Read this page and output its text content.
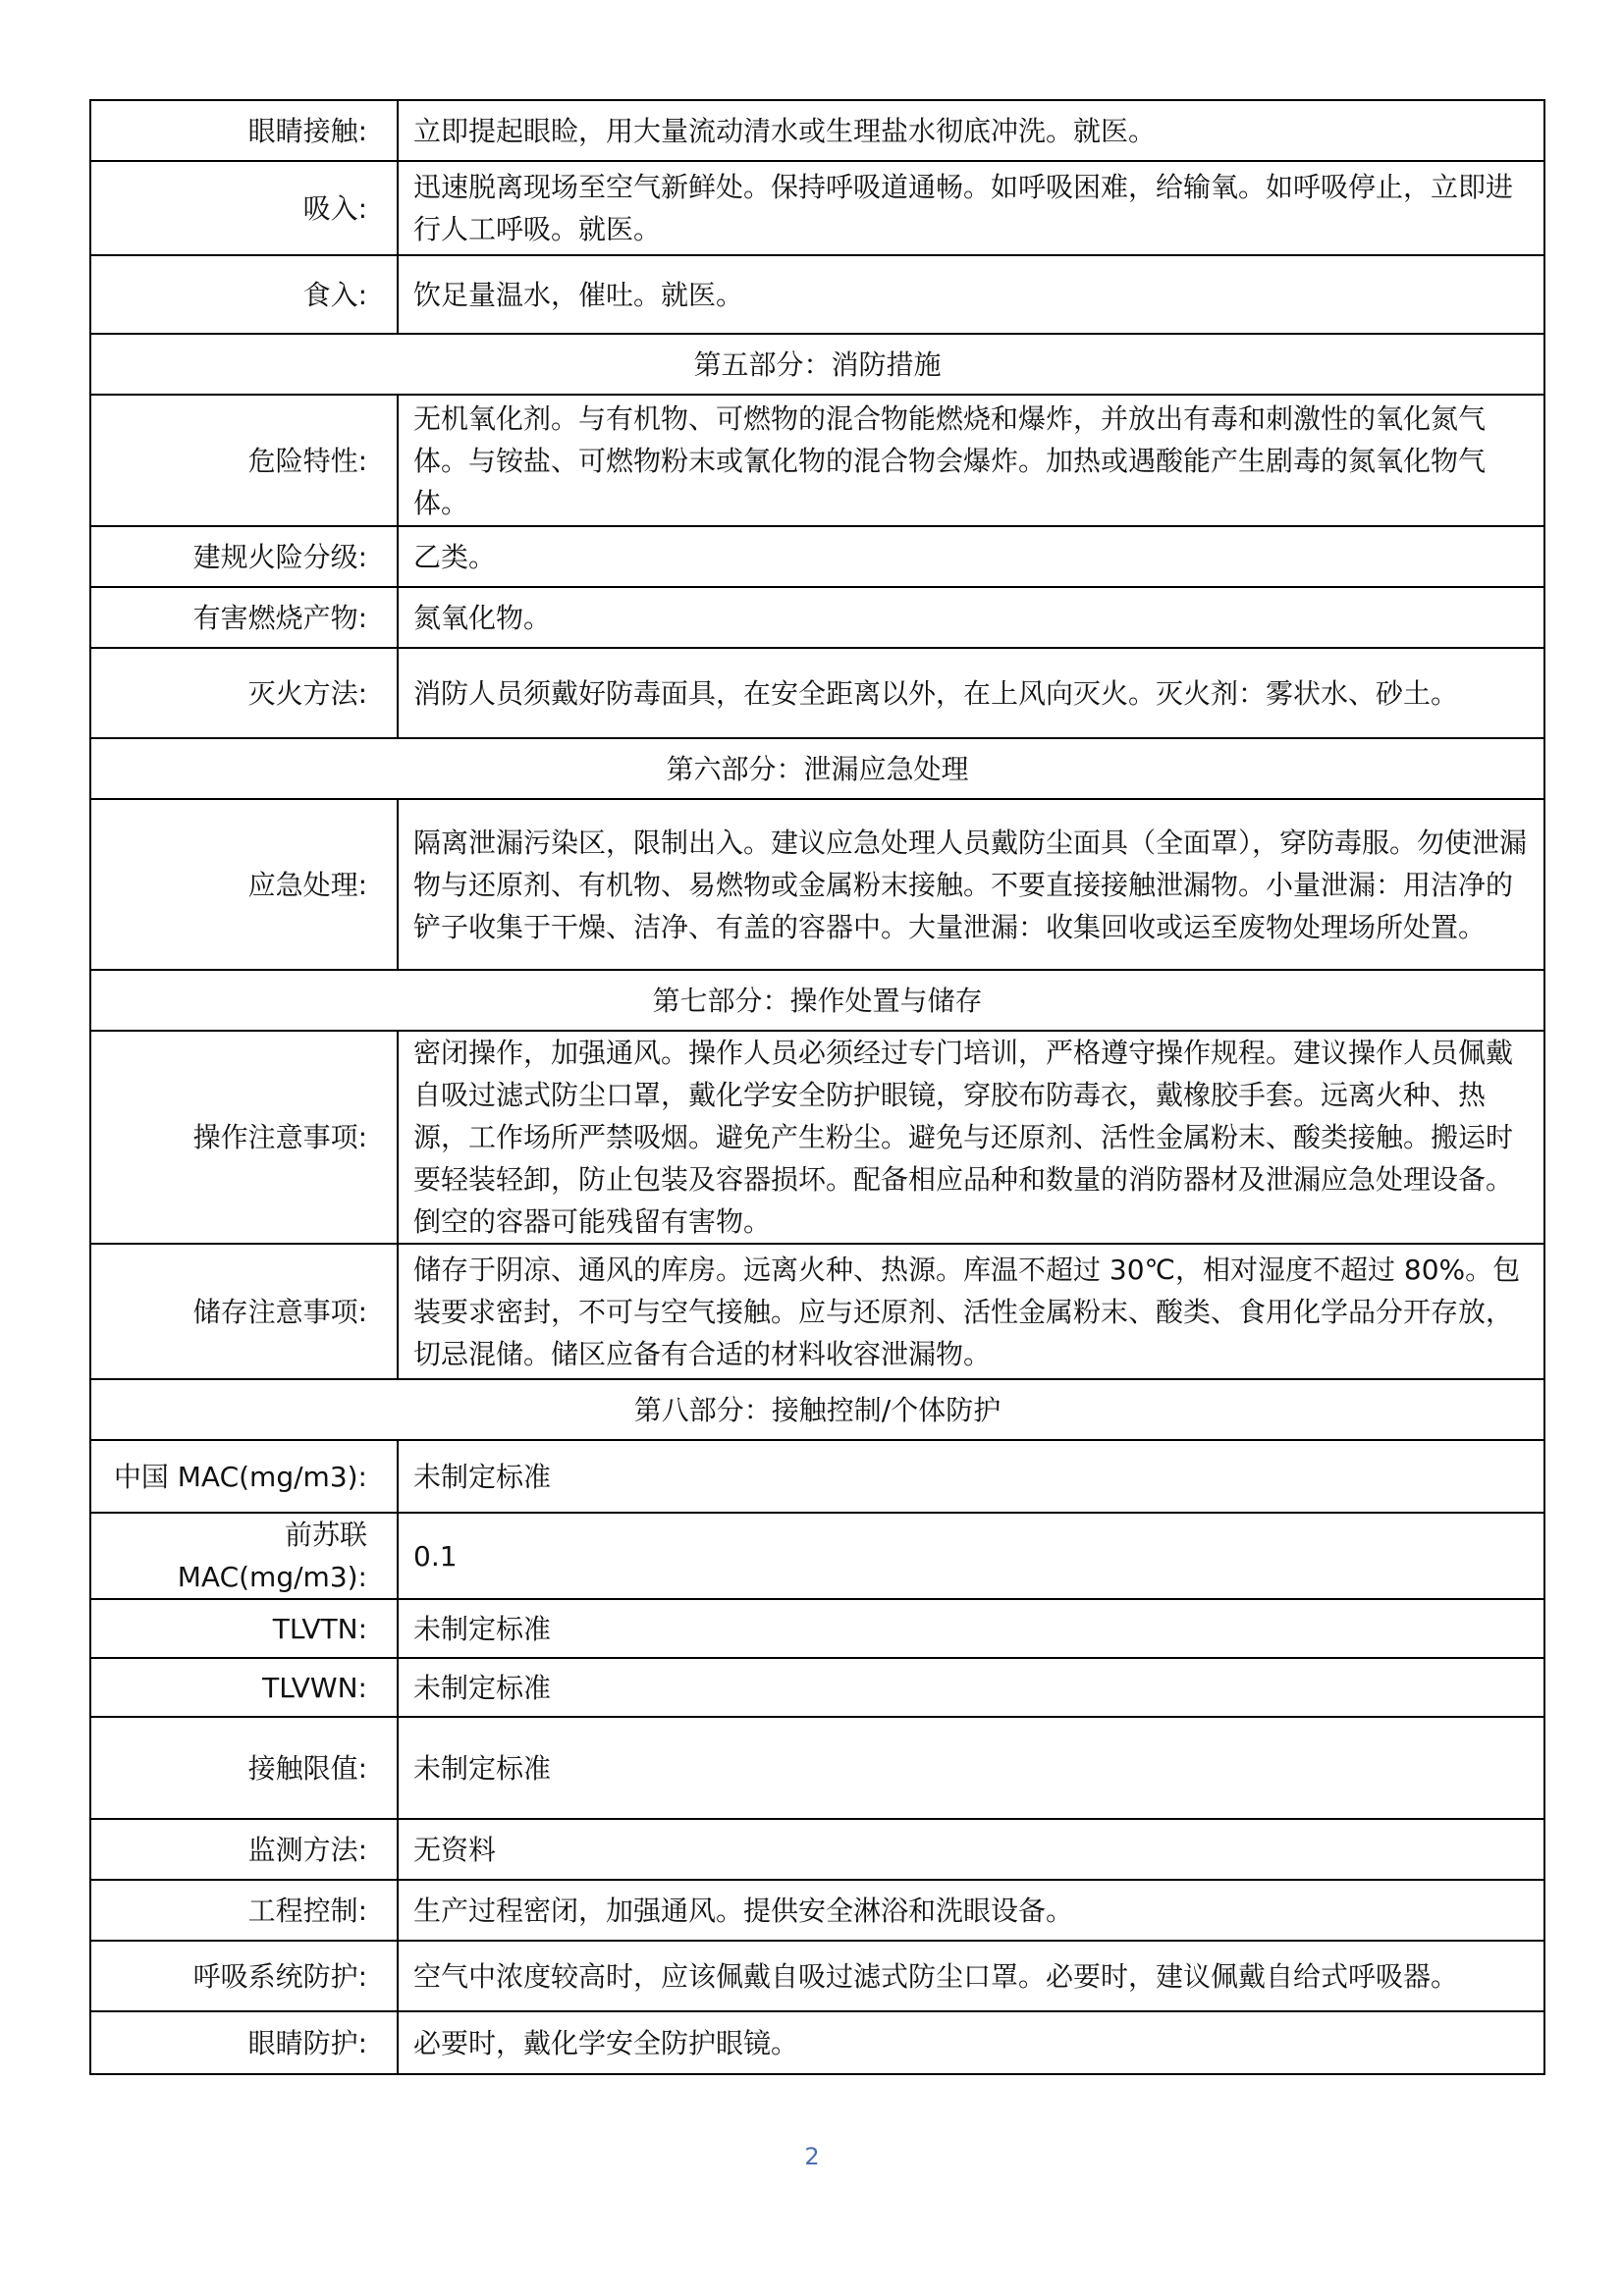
眼睛接触:	立即提起眼睑，用大量流动清水或生理盐水彻底冲洗。就医。
吸入:	迅速脱离现场至空气新鲜处。保持呼吸道通畅。如呼吸困难，给输氧。如呼吸停止，立即进行人工呼吸。就医。
食入:	饮足量温水，催吐。就医。
第五部分：消防措施	
危险特性:	无机氧化剂。与有机物、可燃物的混合物能燃烧和爆炸，并放出有毒和刺激性的氧化氮气体。与铵盐、可燃物粉末或氰化物的混合物会爆炸。加热或遇酸能产生剧毒的氮氧化物气体。
建规火险分级:	乙类。
有害燃烧产物:	氮氧化物。
灭火方法:	消防人员须戴好防毒面具，在安全距离以外，在上风向灭火。灭火剂：雾状水、砂土。
第六部分：泄漏应急处理	
应急处理:	隔离泄漏污染区，限制出入。建议应急处理人员戴防尘面具（全面罩），穿防毒服。勿使泄漏物与还原剂、有机物、易燃物或金属粉末接触。不要直接接触泄漏物。小量泄漏：用洁净的铲子收集于干燥、洁净、有盖的容器中。大量泄漏：收集回收或运至废物处理场所处置。
第七部分：操作处置与储存	
操作注意事项:	密闭操作，加强通风。操作人员必须经过专门培训，严格遵守操作规程。建议操作人员佩戴自吸过滤式防尘口罩，戴化学安全防护眼镜，穿胶布防毒衣，戴橡胶手套。远离火种、热源，工作场所严禁吸烟。避免产生粉尘。避免与还原剂、活性金属粉末、酸类接触。搬运时要轻装轻卸，防止包装及容器损坏。配备相应品种和数量的消防器材及泄漏应急处理设备。倒空的容器可能残留有害物。
储存注意事项:	储存于阴凉、通风的库房。远离火种、热源。库温不超过 30℃，相对湿度不超过 80%。包装要求密封，不可与空气接触。应与还原剂、活性金属粉末、酸类、食用化学品分开存放，切忌混储。储区应备有合适的材料收容泄漏物。
第八部分：接触控制/个体防护	
中国 MAC(mg/m3):	未制定标准
前苏联 MAC(mg/m3):	0.1
TLVTN:	未制定标准
TLVWN:	未制定标准
接触限值:	未制定标准
监测方法:	无资料
工程控制:	生产过程密闭，加强通风。提供安全淋浴和洗眼设备。
呼吸系统防护:	空气中浓度较高时，应该佩戴自吸过滤式防尘口罩。必要时，建议佩戴自给式呼吸器。
眼睛防护:	必要时，戴化学安全防护眼镜。
2
